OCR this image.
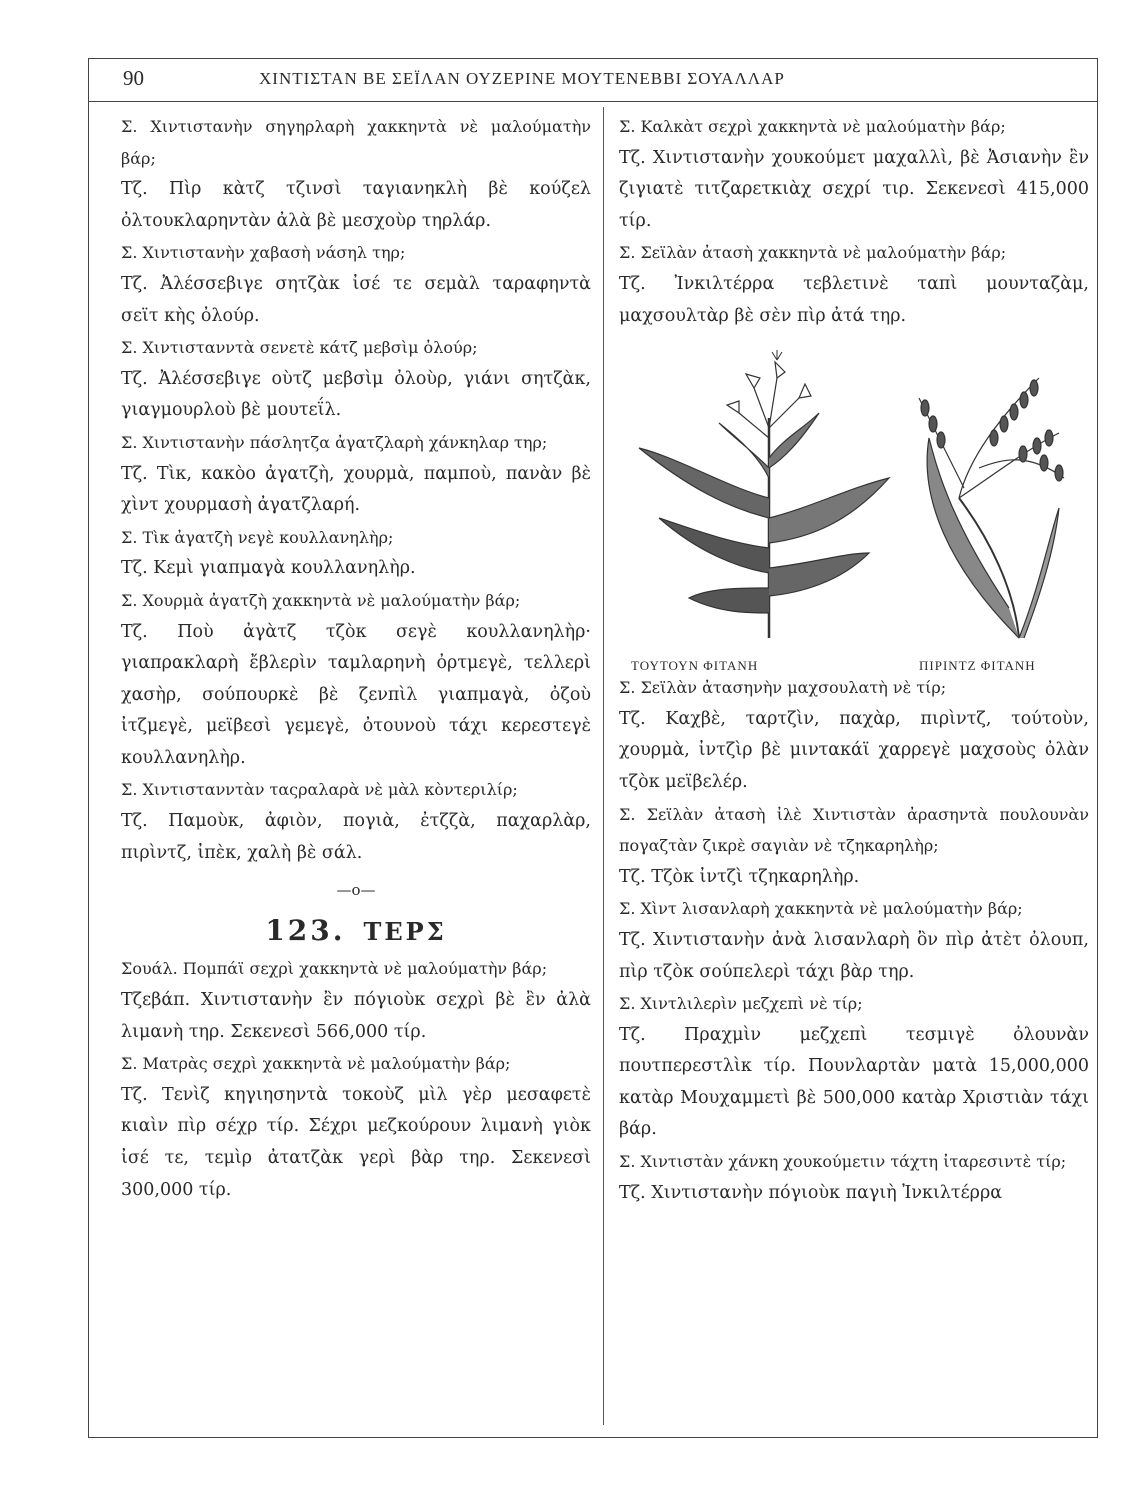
90	ΧΙΝΤΙΣΤΑΝ ΒΕ ΣΕΪΛΑΝ ΟΥΖΕΡΙΝΕ ΜΟΥΤΕΝΕΒΒΙ ΣΟΥΑΛΛΑΡ

Σ. Χιντιστανὴν σηγηρλαρὴ χακκηντὰ νὲ μαλούματὴν βάρ;

Τζ. Πὶρ κὰτζ τζινσὶ ταγιανηκλὴ βὲ κούζελ ὀλτουκλαρηντὰν ἀλὰ βὲ μεσχοὺρ τηρλάρ.

Σ. Χιντιστανὴν χαβασὴ νάσηλ τηρ;

Τζ. Ἀλέσσεβιγε σητζὰκ ἰσέ τε σεμὰλ ταραφηντὰ σεϊτ κὴς ὀλούρ.

Σ. Χιντιστανντὰ σενετὲ κάτζ μεβσὶμ ὀλούρ;

Τζ. Ἀλέσσεβιγε οὺτζ μεβσὶμ ὀλοὺρ, γιάνι σητζὰκ, γιαγμουρλοὺ βὲ μουτεΐλ.

Σ. Χιντιστανὴν πάσλητζα ἀγατζλαρὴ χάνκηλαρ τηρ;

Τζ. Τὶκ, κακὸο ἀγατζὴ, χουρμὰ, παμποὺ, πανὰν βὲ χὶντ χουρμασὴ ἀγατζλαρή.

Σ. Τὶκ ἀγατζὴ νεγὲ κουλλανηλὴρ;

Τζ. Κεμὶ γιαπμαγὰ κουλλανηλὴρ.

Σ. Χουρμὰ ἀγατζὴ χακκηντὰ νὲ μαλούματὴν βάρ;

Τζ. Ποὺ ἀγὰτζ τζὸκ σεγὲ κουλλανηλὴρ· γιαπρακλαρὴ ἔβλερὶν ταμλαρηνὴ ὀρτμεγὲ, τελλερὶ χασὴρ, σούπουρκὲ βὲ ζενπὶλ γιαπμαγὰ, ὀζοὺ ἰτζμεγὲ, μεϊβεσὶ γεμεγὲ, ὀτουνοὺ τάχι κερεστεγὲ κουλλανηλὴρ.

Σ. Χιντιστανντὰν ταςραλαρὰ νὲ μὰλ κὸντεριλίρ;

Τζ. Παμοὺκ, ἀφιὸν, πογιὰ, ἐτζζὰ, παχαρλὰρ, πιρὶντζ, ἰπὲκ, χαλὴ βὲ σάλ.

—ο—
123. ΤΕΡΣ

Σουάλ. Πομπάϊ σεχρὶ χακκηντὰ νὲ μαλούματὴν βάρ;

Τζεβάπ. Χιντιστανὴν ἒν πόγιοὺκ σεχρὶ βὲ ἒν ἀλὰ λιμανὴ τηρ. Σεκενεσὶ 566,000 τίρ.

Σ. Ματρὰς σεχρὶ χακκηντὰ νὲ μαλούματὴν βάρ;

Τζ. Τενὶζ κηγιησηντὰ τοκοὺζ μὶλ γὲρ μεσαφετὲ κιαὶν πὶρ σέχρ τίρ. Σέχρι μεζκούρουν λιμανὴ γιὸκ ἰσέ τε, τεμὶρ ἀτατζὰκ γερὶ βὰρ τηρ. Σεκενεσὶ 300,000 τίρ.

Σ. Καλκὰτ σεχρὶ χακκηντὰ νὲ μαλούματὴν βάρ;

Τζ. Χιντιστανὴν χουκούμετ μαχαλλὶ, βὲ Ἀσιανὴν ἒν ζιγιατὲ τιτζαρετκιὰχ σεχρί τιρ. Σεκενεσὶ 415,000 τίρ.

Σ. Σεϊλὰν ἀτασὴ χακκηντὰ νὲ μαλούματὴν βάρ;

Τζ. Ἰνκιλτέρρα τεβλετινὲ ταπὶ μουνταζὰμ, μαχσουλτὰρ βὲ σὲν πὶρ ἀτά τηρ.

ΤΟΥΤΟΥΝ ΦΙΤΑΝΗ	ΠΙΡΙΝΤΖ ΦΙΤΑΝΗ

Σ. Σεϊλὰν ἀτασηνὴν μαχσουλατὴ νὲ τίρ;

Τζ. Καχβὲ, ταρτζὶν, παχὰρ, πιρὶντζ, τούτοὺν, χουρμὰ, ἰντζὶρ βὲ μιντακάϊ χαρρεγὲ μαχσοὺς ὀλὰν τζὸκ μεϊβελέρ.

Σ. Σεϊλὰν ἀτασὴ ἰλὲ Χιντιστὰν ἀρασηντὰ πουλουνὰν πογαζτὰν ζικρὲ σαγιὰν νὲ τζηκαρηλὴρ;

Τζ. Τζὸκ ἰντζὶ τζηκαρηλὴρ.

Σ. Χὶντ λισανλαρὴ χακκηντὰ νὲ μαλούματὴν βάρ;

Τζ. Χιντιστανὴν ἀνὰ λισανλαρὴ ὂν πὶρ ἀτὲτ ὀλουπ, πὶρ τζὸκ σούπελερὶ τάχι βὰρ τηρ.

Σ. Χιντλιλερὶν μεζχεπὶ νὲ τίρ;

Τζ. Πραχμὶν μεζχεπὶ τεσμιγὲ ὀλουνὰν πουτπερεστλὶκ τίρ. Πουνλαρτὰν ματὰ 15,000,000 κατὰρ Μουχαμμετὶ βὲ 500,000 κατὰρ Χριστιὰν τάχι βάρ.

Σ. Χιντιστὰν χάνκη χουκούμετιν τάχτη ἰταρεσιντὲ τίρ;

Τζ. Χιντιστανὴν πόγιοὺκ παγιὴ Ἰνκιλτέρρα
